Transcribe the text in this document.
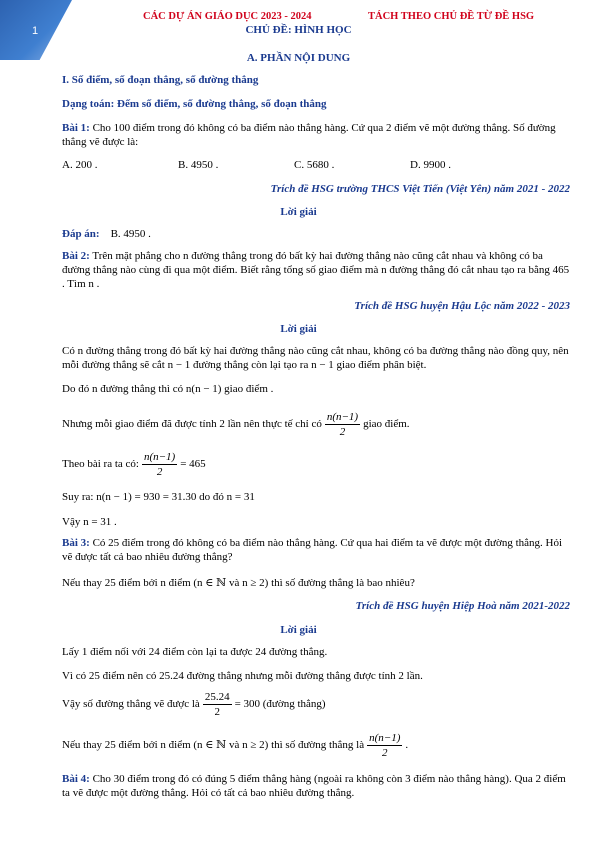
1
CÁC DỰ ÁN GIÁO DỤC 2023 - 2024	TÁCH THEO CHỦ ĐỀ TỪ ĐỀ HSG
CHỦ ĐỀ: HÌNH HỌC
A. PHẦN NỘI DUNG
I. Số điểm, số đoạn thẳng, số đường thẳng
Dạng toán: Đếm số điểm, số đường thẳng, số đoạn thẳng
Bài 1: Cho 100 điểm trong đó không có ba điểm nào thẳng hàng. Cứ qua 2 điểm vẽ một đường thẳng. Số đường thẳng vẽ được là:
A. 200 .	B. 4950 .	C. 5680 .	D. 9900 .
Trích đề HSG trường THCS Việt Tiến (Việt Yên) năm 2021 - 2022
Lời giải
Đáp án: B. 4950 .
Bài 2: Trên mặt phẳng cho n đường thẳng trong đó bất kỳ hai đường thẳng nào cũng cắt nhau và không có ba đường thẳng nào cùng đi qua một điểm. Biết rằng tổng số giao điểm mà n đường thẳng đó cắt nhau tạo ra bằng 465 . Tìm n .
Trích đề HSG huyện Hậu Lộc năm 2022 - 2023
Lời giải
Có n đường thẳng trong đó bất kỳ hai đường thẳng nào cũng cắt nhau, không có ba đường thẳng nào đồng quy, nên mỗi đường thẳng sẽ cắt n − 1 đường thẳng còn lại tạo ra n − 1 giao điểm phân biệt.
Do đó n đường thẳng thì có n(n − 1) giao điểm .
Nhưng mỗi giao điểm đã được tính 2 lần nên thực tế chỉ có $\frac{n(n-1)}{2}$ giao điểm.
Theo bài ra ta có: $\frac{n(n-1)}{2} = 465$
Suy ra: n(n − 1) = 930 = 31.30 do đó n = 31
Vậy n = 31 .
Bài 3: Có 25 điểm trong đó không có ba điểm nào thẳng hàng. Cứ qua hai điểm ta vẽ được một đường thẳng. Hỏi vẽ được tất cả bao nhiêu đường thẳng?
Nếu thay 25 điểm bởi n điểm (n ∈ ℕ và n ≥ 2) thì số đường thẳng là bao nhiêu?
Trích đề HSG huyện Hiệp Hoà năm 2021-2022
Lời giải
Lấy 1 điểm nối với 24 điểm còn lại ta được 24 đường thẳng.
Vì có 25 điểm nên có 25.24 đường thẳng nhưng mỗi đường thẳng được tính 2 lần.
Vậy số đường thẳng vẽ được là $\frac{25.24}{2} = 300$ (đường thẳng)
Nếu thay 25 điểm bởi n điểm (n ∈ ℕ và n ≥ 2) thì số đường thẳng là $\frac{n(n-1)}{2}$ .
Bài 4: Cho 30 điểm trong đó có đúng 5 điểm thẳng hàng (ngoài ra không còn 3 điểm nào thẳng hàng). Qua 2 điểm ta vẽ được một đường thẳng. Hỏi có tất cả bao nhiêu đường thẳng.
